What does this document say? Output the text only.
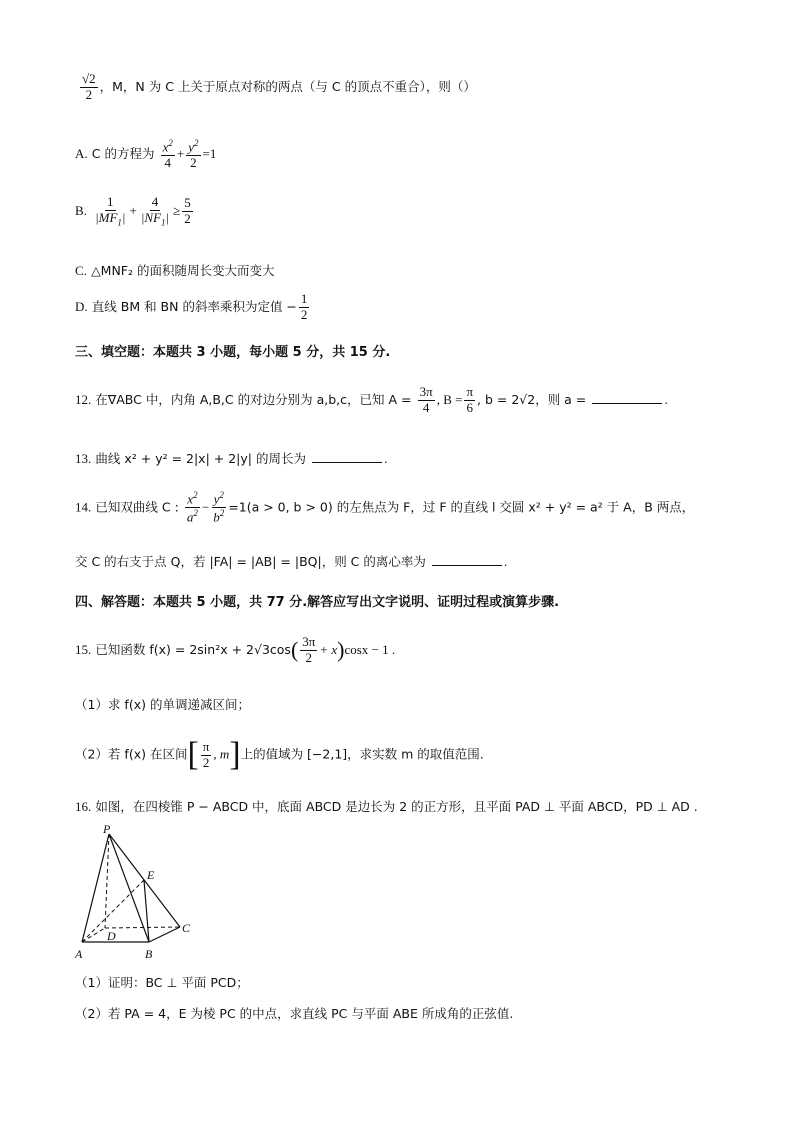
$\frac{√2}{2}$ ，M，N 为 C 上关于原点对称的两点（与 C 的顶点不重合），则（）
A. C 的方程为 $\frac{x^2}{4} + \frac{y^2}{2} =1$
B. $\frac{1}{|MF_1|} + \frac{4}{|NF_1|} \ge \frac{5}{2}$
C. △MNF₂ 的面积随周长变大而变大
D. 直线 BM 和 BN 的斜率乘积为定值 − $\frac{1}{2}$
三、填空题：本题共 3 小题，每小题 5 分，共 15 分.
12. 在∇ABC 中，内角 A,B,C 的对边分别为 a,b,c，已知 $A = \frac{3\pi}{4}$ , $B = \frac{\pi}{6}$ , b = 2√2，则 a =	.
13. 曲线 x² + y² = 2|x| + 2|y| 的周长为	.
14. 已知双曲线 C : $\frac{x^2}{a^2} - \frac{y^2}{b^2} =1(a > 0$, b > 0) 的左焦点为 F，过 F 的直线 l 交圆 x² + y² = a² 于 A，B 两点，
交 C 的右支于点 Q，若 |FA| = |AB| = |BQ|，则 C 的离心率为	.
四、解答题：本题共 5 小题，共 77 分.解答应写出文字说明、证明过程或演算步骤.
15. 已知函数 $f(x) = 2\sin^2x + 2√3\cos( \frac{3\pi}{2} + x)\cos x - 1$ .
（1）求 f(x) 的单调递减区间；
（2）若 f(x) 在区间[ $\frac{\pi}{2}$ , m]上的值域为 [−2,1]，求实数 m 的取值范围.
16. 如图，在四棱锥 P − ABCD 中，底面 ABCD 是边长为 2 的正方形，且平面 PAD ⊥ 平面 ABCD，PD ⊥ AD .
P
E
C
D
A	B
（1）证明：BC ⊥ 平面 PCD；
（2）若 PA = 4，E 为棱 PC 的中点，求直线 PC 与平面 ABE 所成角的正弦值.
